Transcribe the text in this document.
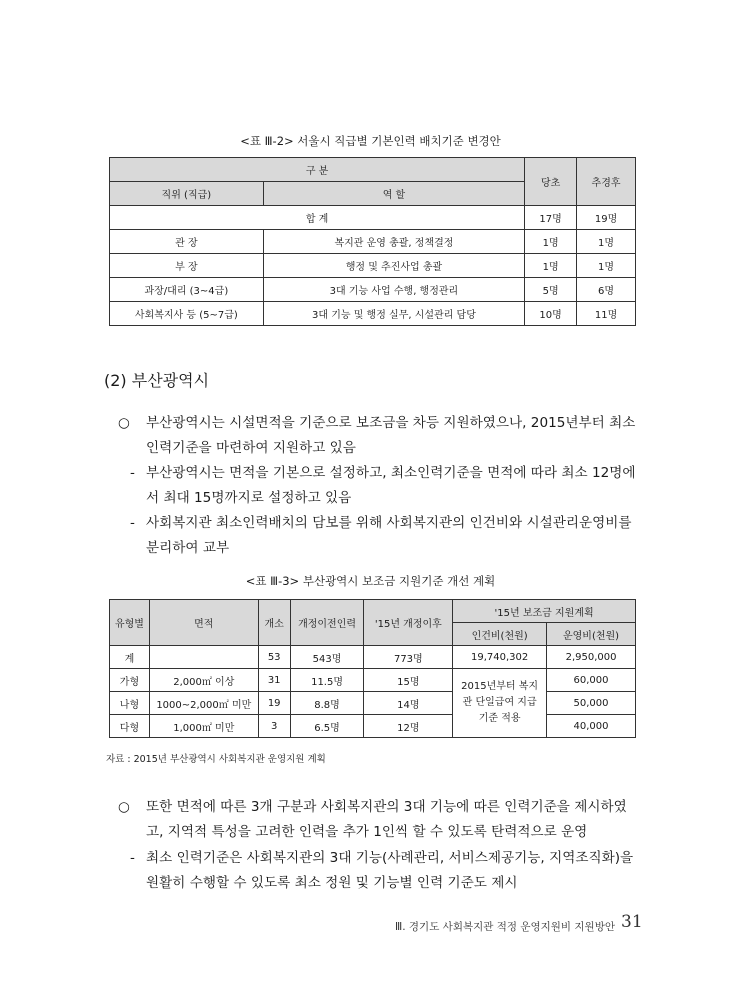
<표 Ⅲ-2> 서울시 직급별 기본인력 배치기준 변경안
구 분		당초	추경후
직위 (직급)	역 할		
합 계		17명	19명
관 장	복지관 운영 총괄, 정책결정	1명	1명
부 장	행정 및 추진사업 총괄	1명	1명
과장/대리 (3~4급)	3대 기능 사업 수행, 행정관리	5명	6명
사회복지사 등 (5~7급)	3대 기능 및 행정 실무, 시설관리 담당	10명	11명
(2) 부산광역시
○ 부산광역시는 시설면적을 기준으로 보조금을 차등 지원하였으나, 2015년부터 최소인력기준을 마련하여 지원하고 있음
- 부산광역시는 면적을 기본으로 설정하고, 최소인력기준을 면적에 따라 최소 12명에서 최대 15명까지로 설정하고 있음
- 사회복지관 최소인력배치의 담보를 위해 사회복지관의 인건비와 시설관리운영비를 분리하여 교부
<표 Ⅲ-3> 부산광역시 보조금 지원기준 개선 계획
유형별	면적	개소	개정이전인력	'15년 개정이후	'15년 보조금 지원계획	
					인건비(천원)	운영비(천원)
계		53	543명	773명	19,740,302	2,950,000
가형	2,000㎡ 이상	31	11.5명	15명	2015년부터 복지관 단일급여 지급기준 적용	60,000
나형	1000~2,000㎡ 미만	19	8.8명	14명		50,000
다형	1,000㎡ 미만	3	6.5명	12명		40,000
자료 : 2015년 부산광역시 사회복지관 운영지원 계획
○ 또한 면적에 따른 3개 구분과 사회복지관의 3대 기능에 따른 인력기준을 제시하였고, 지역적 특성을 고려한 인력을 추가 1인씩 할 수 있도록 탄력적으로 운영
- 최소 인력기준은 사회복지관의 3대 기능(사례관리, 서비스제공기능, 지역조직화)을 원활히 수행할 수 있도록 최소 정원 및 기능별 인력 기준도 제시
Ⅲ. 경기도 사회복지관 적정 운영지원비 지원방안 31
